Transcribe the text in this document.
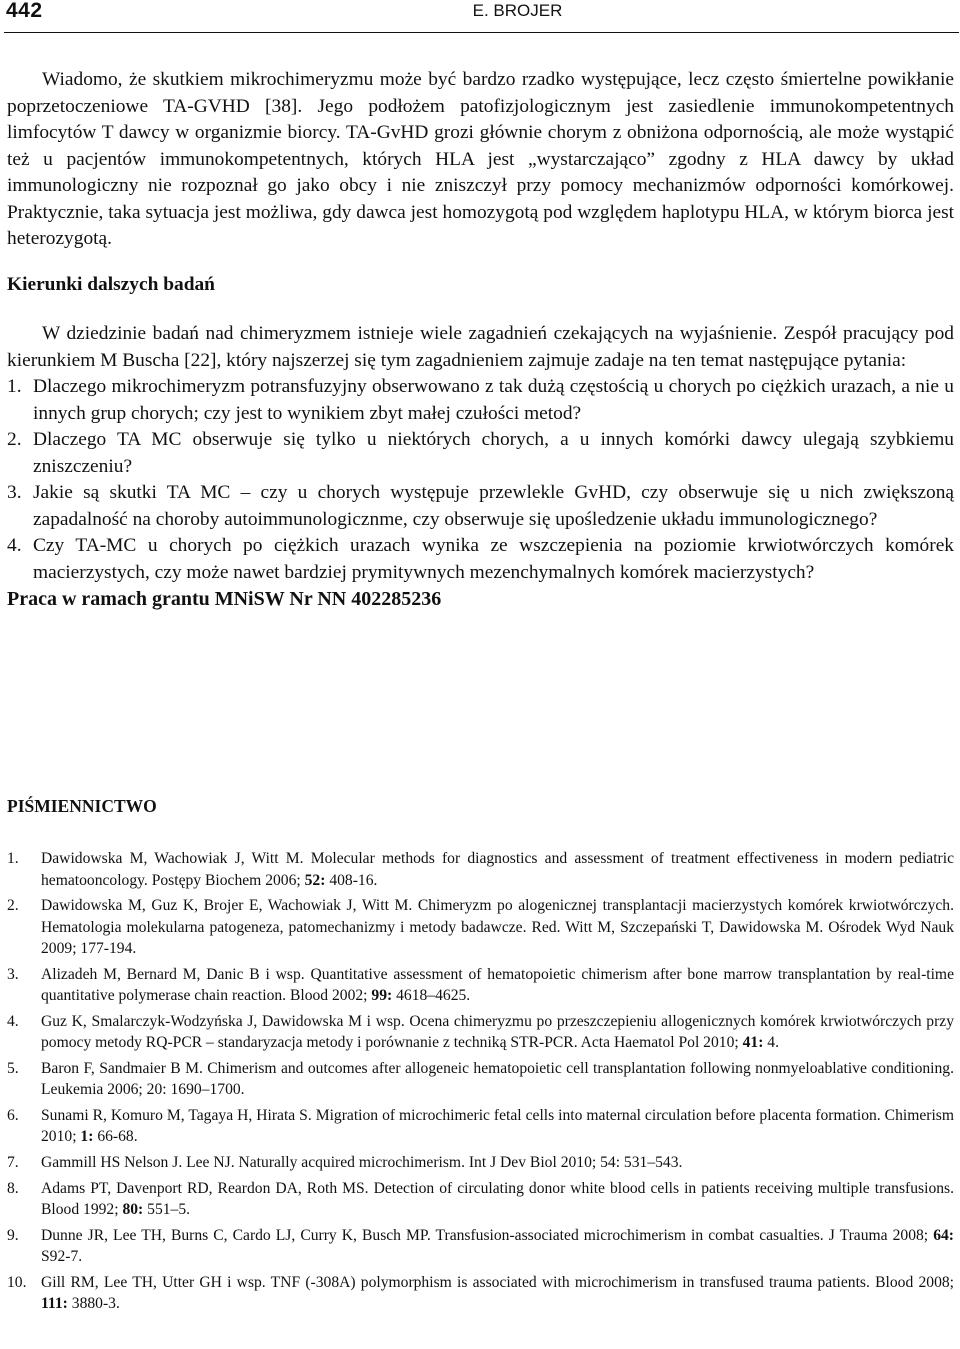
442	E. BROJER

Wiadomo, że skutkiem mikrochimeryzmu może być bardzo rzadko występujące, lecz często śmiertelne powikłanie poprzetoczeniowe TA-GVHD [38]. Jego podłożem patofizjologicznym jest zasiedlenie immunokompetentnych limfocytów T dawcy w organizmie biorcy. TA-GvHD grozi głównie chorym z obniżona odpornością, ale może wystąpić też u pacjentów immunokompetentnych, których HLA jest „wystarczająco” zgodny z HLA dawcy by układ immunologiczny nie rozpoznał go jako obcy i nie zniszczył przy pomocy mechanizmów odporności komórkowej. Praktycznie, taka sytuacja jest możliwa, gdy dawca jest homozygotą pod względem haplotypu HLA, w którym biorca jest heterozygotą.

Kierunki dalszych badań

W dziedzinie badań nad chimeryzmem istnieje wiele zagadnień czekających na wyjaśnienie. Zespół pracujący pod kierunkiem M Buscha [22], który najszerzej się tym zagadnieniem zajmuje zadaje na ten temat następujące pytania:

1. Dlaczego mikrochimeryzm potransfuzyjny obserwowano z tak dużą częstością u chorych po ciężkich urazach, a nie u innych grup chorych; czy jest to wynikiem zbyt małej czułości metod?
2. Dlaczego TA MC obserwuje się tylko u niektórych chorych, a u innych komórki dawcy ulegają szybkiemu zniszczeniu?
3. Jakie są skutki TA MC – czy u chorych występuje przewlekle GvHD, czy obserwuje się u nich zwiększoną zapadalność na choroby autoimmunologicznme, czy obserwuje się upośledzenie układu immunologicznego?
4. Czy TA-MC u chorych po ciężkich urazach wynika ze wszczepienia na poziomie krwiotwórczych komórek macierzystych, czy może nawet bardziej prymitywnych mezenchymalnych komórek macierzystych?

Praca w ramach grantu MNiSW Nr NN 402285236

PIŚMIENNICTWO
1. Dawidowska M, Wachowiak J, Witt M. Molecular methods for diagnostics and assessment of treatment effectiveness in modern pediatric hematooncology. Postępy Biochem 2006; 52: 408-16.
2. Dawidowska M, Guz K, Brojer E, Wachowiak J, Witt M. Chimeryzm po alogenicznej transplantacji macierzystych komórek krwiotwórczych. Hematologia molekularna patogeneza, patomechanizmy i metody badawcze. Red. Witt M, Szczepański T, Dawidowska M. Ośrodek Wyd Nauk 2009; 177-194.
3. Alizadeh M, Bernard M, Danic B i wsp. Quantitative assessment of hematopoietic chimerism after bone marrow transplantation by real-time quantitative polymerase chain reaction. Blood 2002; 99: 4618–4625.
4. Guz K, Smalarczyk-Wodzyńska J, Dawidowska M i wsp. Ocena chimeryzmu po przeszczepieniu allogenicznych komórek krwiotwórczych przy pomocy metody RQ-PCR – standaryzacja metody i porównanie z techniką STR-PCR. Acta Haematol Pol 2010; 41: 4.
5. Baron F, Sandmaier B M. Chimerism and outcomes after allogeneic hematopoietic cell transplantation following nonmyeloablative conditioning. Leukemia 2006; 20: 1690–1700.
6. Sunami R, Komuro M, Tagaya H, Hirata S. Migration of microchimeric fetal cells into maternal circulation before placenta formation. Chimerism 2010; 1: 66-68.
7. Gammill HS Nelson J. Lee NJ. Naturally acquired microchimerism. Int J Dev Biol 2010; 54: 531–543.
8. Adams PT, Davenport RD, Reardon DA, Roth MS. Detection of circulating donor white blood cells in patients receiving multiple transfusions. Blood 1992; 80: 551–5.
9. Dunne JR, Lee TH, Burns C, Cardo LJ, Curry K, Busch MP. Transfusion-associated microchimerism in combat casualties. J Trauma 2008; 64: S92-7.
10. Gill RM, Lee TH, Utter GH i wsp. TNF (-308A) polymorphism is associated with microchimerism in transfused trauma patients. Blood 2008; 111: 3880-3.
